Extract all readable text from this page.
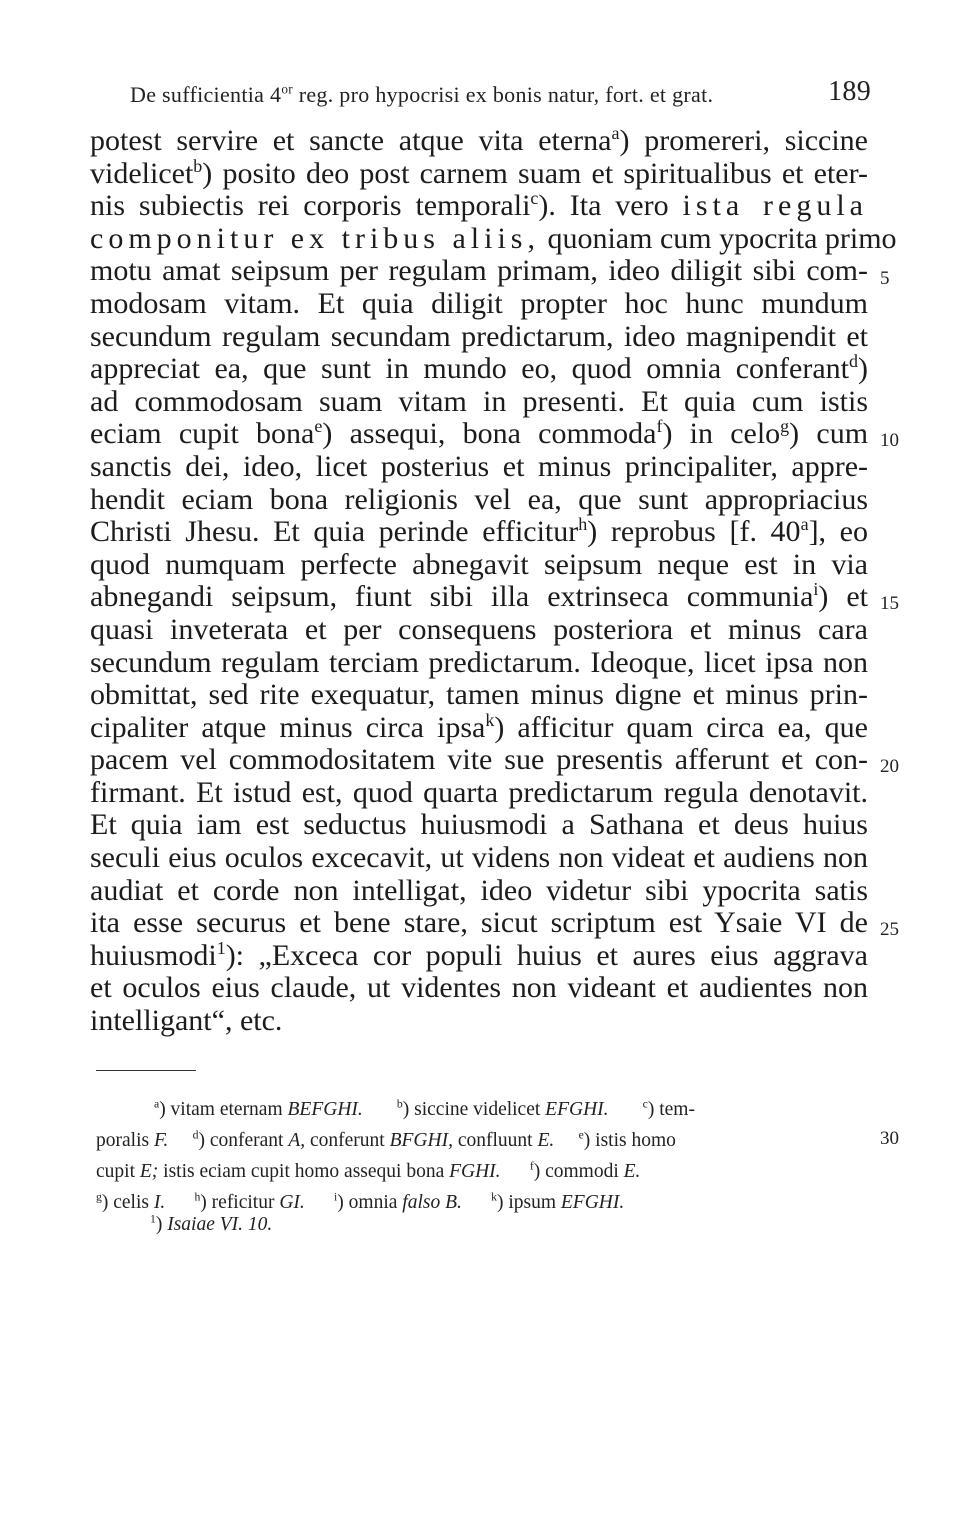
De sufficientia $4^{or}$ reg. pro hypocrisi ex bonis natur, fort. et grat.	189
potest servire et sancte atque vita eterna$^a$) promereri, siccine
videlicet$^b$) posito deo post carnem suam et spiritualibus et eter-
nis subiectis rei corporis temporali$^c$). Ita vero ista regula
componitur ex tribus aliis, quoniam cum ypocrita primo
motu amat seipsum per regulam primam, ideo diligit sibi com-
modosam vitam. Et quia diligit propter hoc hunc mundum
secundum regulam secundam predictarum, ideo magnipendit et
appreciat ea, que sunt in mundo eo, quod omnia conferant$^d$)
ad commodosam suam vitam in presenti. Et quia cum istis
eciam cupit bona$^e$) assequi, bona commoda$^f$) in celo$^g$) cum
sanctis dei, ideo, licet posterius et minus principaliter, appre-
hendit eciam bona religionis vel ea, que sunt appropriacius
Christi Jhesu. Et quia perinde efficitur$^h$) reprobus [f. 40$^a$], eo
quod numquam perfecte abnegavit seipsum neque est in via
abnegandi seipsum, fiunt sibi illa extrinseca communia$^i$) et
quasi inveterata et per consequens posteriora et minus cara
secundum regulam terciam predictarum. Ideoque, licet ipsa non
obmittat, sed rite exequatur, tamen minus digne et minus prin-
cipaliter atque minus circa ipsa$^k$) afficitur quam circa ea, que
pacem vel commodositatem vite sue presentis afferunt et con-
firmant. Et istud est, quod quarta predictarum regula denotavit.
Et quia iam est seductus huiusmodi a Sathana et deus huius
seculi eius oculos excecavit, ut videns non videat et audiens non
audiat et corde non intelligat, ideo videtur sibi ypocrita satis
ita esse securus et bene stare, sicut scriptum est Ysaie VI de
huiusmodi$^1$): „Exceca cor populi huius et aures eius aggrava
et oculos eius claude, ut videntes non videant et audientes non
intelligant“, etc.
5
10
15
20
25
$^a$) vitam eternam BEFGHI.	$^b$) siccine videlicet EFGHI.	$^c$) tem-
poralis F. $^d$) conferant A, conferunt BFGHI, confluunt E. $^e$) istis homo
cupit E; istis eciam cupit homo assequi bona FGHI.	$^f$) commodi E.
$^g$) celis I.	$^h$) reficitur GI.	$^i$) omnia falso B.	$^k$) ipsum EFGHI.
30
$^1$) Isaiae VI. 10.
